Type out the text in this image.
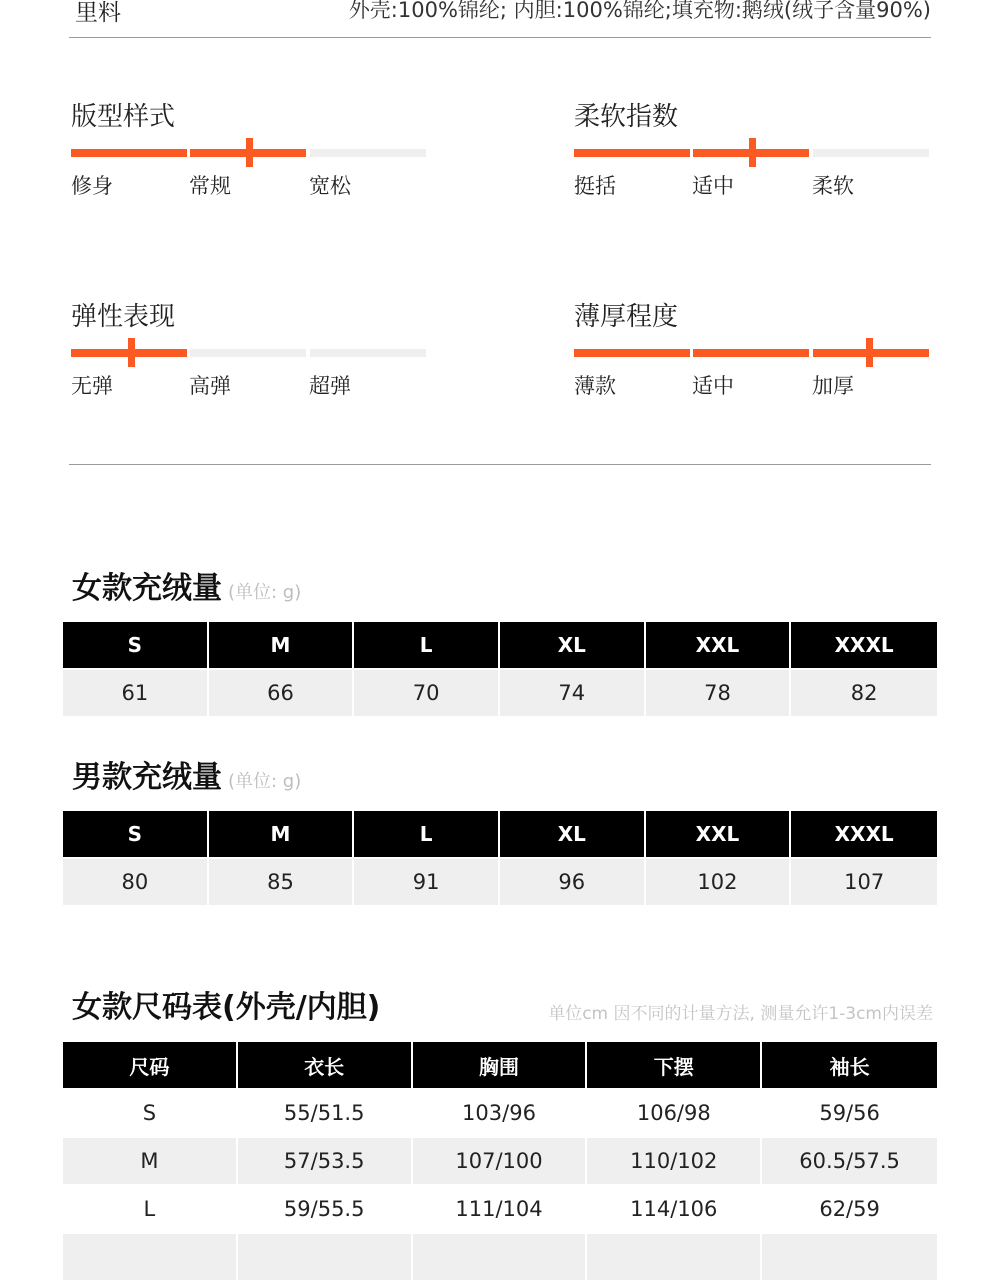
里料	外壳:100%锦纶; 内胆:100%锦纶;填充物:鹅绒(绒子含量90%)
版型样式
修身	常规	宽松
柔软指数
挺括	适中	柔软
弹性表现
无弹	高弹	超弹
薄厚程度
薄款	适中	加厚
女款充绒量 (单位: g)
S	M	L	XL	XXL	XXXL
61	66	70	74	78	82
男款充绒量 (单位: g)
S	M	L	XL	XXL	XXXL
80	85	91	96	102	107
女款尺码表(外壳/内胆)	单位cm 因不同的计量方法, 测量允许1-3cm内误差
尺码	衣长	胸围	下摆	袖长
S	55/51.5	103/96	106/98	59/56
M	57/53.5	107/100	110/102	60.5/57.5
L	59/55.5	111/104	114/106	62/59
